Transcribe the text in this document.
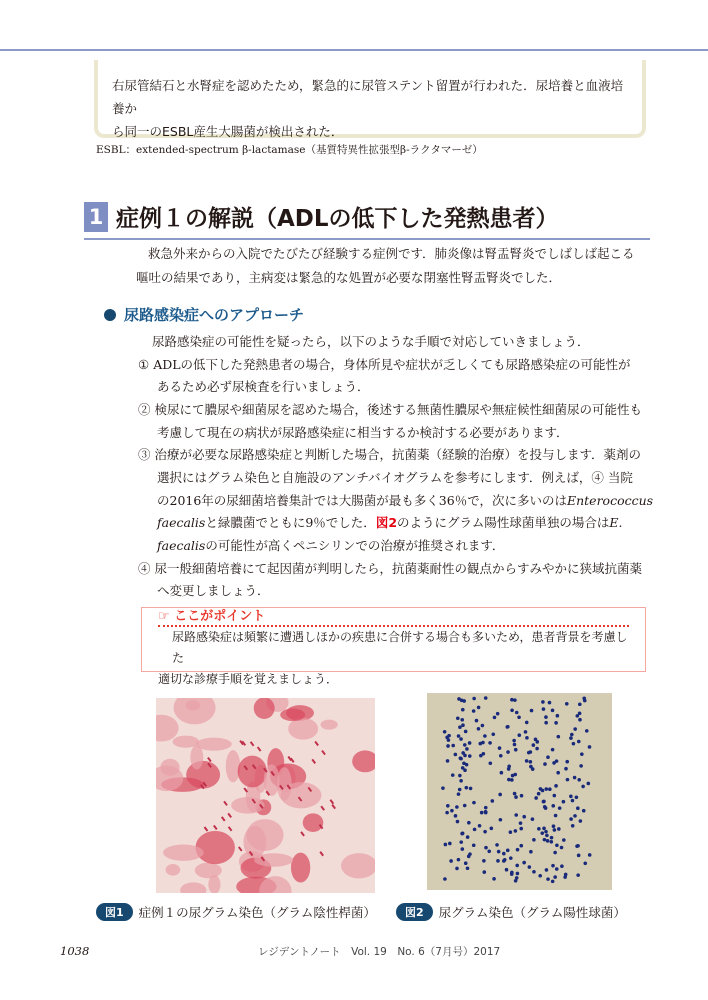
右尿管結石と水腎症を認めたため，緊急的に尿管ステント留置が行われた．尿培養と血液培養か
ら同一のESBL産生大腸菌が検出された．
ESBL：extended-spectrum β-lactamase（基質特異性拡張型β-ラクタマーゼ）
1 症例１の解説（ADLの低下した発熱患者）
救急外来からの入院でたびたび経験する症例です．肺炎像は腎盂腎炎でしばしば起こる
嘔吐の結果であり，主病変は緊急的な処置が必要な閉塞性腎盂腎炎でした．
尿路感染症へのアプローチ
尿路感染症の可能性を疑ったら，以下のような手順で対応していきましょう．
① ADLの低下した発熱患者の場合，身体所見や症状が乏しくても尿路感染症の可能性が
あるため必ず尿検査を行いましょう．
② 検尿にて膿尿や細菌尿を認めた場合，後述する無菌性膿尿や無症候性細菌尿の可能性も
考慮して現在の病状が尿路感染症に相当するか検討する必要があります．
③ 治療が必要な尿路感染症と判断した場合，抗菌薬（経験的治療）を投与します．薬剤の
選択にはグラム染色と自施設のアンチバイオグラムを参考にします．例えば，④ 当院
の2016年の尿細菌培養集計では大腸菌が最も多く36％で，次に多いのはEnterococcus
faecalisと緑膿菌でともに9％でした．図2のようにグラム陽性球菌単独の場合はE.
faecalisの可能性が高くペニシリンでの治療が推奨されます．
④ 尿一般細菌培養にて起因菌が判明したら，抗菌薬耐性の観点からすみやかに狭域抗菌薬
へ変更しましょう．
☞ ここがポイント
尿路感染症は頻繁に遭遇しほかの疾患に合併する場合も多いため，患者背景を考慮した
適切な診療手順を覚えましょう．
図1	症例１の尿グラム染色（グラム陰性桿菌）	図2	尿グラム染色（グラム陽性球菌）
1038	レジデントノート　Vol. 19　No. 6（7月号）2017
